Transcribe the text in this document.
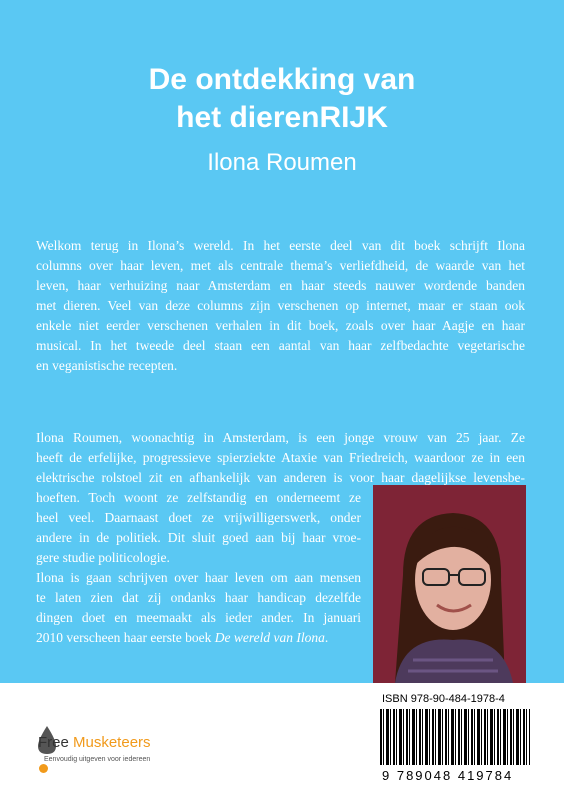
De ontdekking van
het dierenRIJK
Ilona Roumen
Welkom terug in Ilona’s wereld. In het eerste deel van dit boek schrijft Ilona
columns over haar leven, met als centrale thema’s verliefdheid, de waarde van het
leven, haar verhuizing naar Amsterdam en haar steeds nauwer wordende banden
met dieren. Veel van deze columns zijn verschenen op internet, maar er staan ook
enkele niet eerder verschenen verhalen in dit boek, zoals over haar Aagje en haar
musical. In het tweede deel staan een aantal van haar zelfbedachte vegetarische
en veganistische recepten.
Ilona Roumen, woonachtig in Amsterdam, is een jonge vrouw van 25 jaar. Ze
heeft de erfelijke, progressieve spierziekte Ataxie van Friedreich, waardoor ze in een
elektrische rolstoel zit en afhankelijk van anderen is voor haar dagelijkse levensbe-
hoeften. Toch woont ze zelfstandig en onderneemt ze
heel veel. Daarnaast doet ze vrijwilligerswerk, onder
andere in de politiek. Dit sluit goed aan bij haar vroe-
gere studie politicologie.
Ilona is gaan schrijven over haar leven om aan mensen
te laten zien dat zij ondanks haar handicap dezelfde
dingen doet en meemaakt als ieder ander. In januari
2010 verscheen haar eerste boek De wereld van Ilona.
ISBN 978-90-484-1978-4
9 789048 419784
Free Musketeers
Eenvoudig uitgeven voor iedereen
